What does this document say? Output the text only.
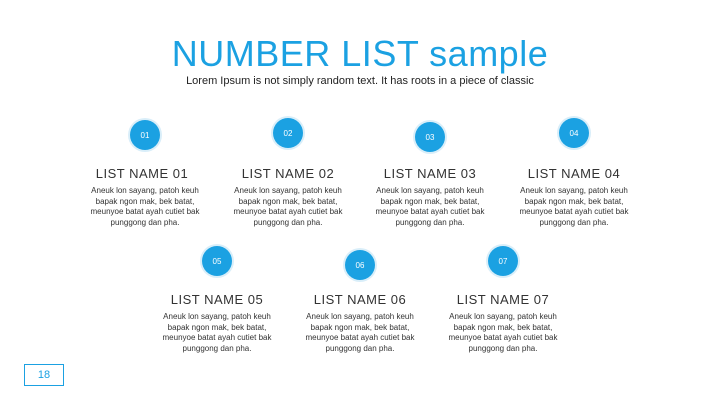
NUMBER LIST sample
Lorem Ipsum is not simply random text. It has roots in a piece of classic
01
LIST NAME 01
Aneuk lon sayang, patoh keuh bapak ngon mak, bek batat, meunyoe batat ayah cutiet bak punggong dan pha.
02
LIST NAME 02
Aneuk lon sayang, patoh keuh bapak ngon mak, bek batat, meunyoe batat ayah cutiet bak punggong dan pha.
03
LIST NAME 03
Aneuk lon sayang, patoh keuh bapak ngon mak, bek batat, meunyoe batat ayah cutiet bak punggong dan pha.
04
LIST NAME 04
Aneuk lon sayang, patoh keuh bapak ngon mak, bek batat, meunyoe batat ayah cutiet bak punggong dan pha.
05
LIST NAME 05
Aneuk lon sayang, patoh keuh bapak ngon mak, bek batat, meunyoe batat ayah cutiet bak punggong dan pha.
06
LIST NAME 06
Aneuk lon sayang, patoh keuh bapak ngon mak, bek batat, meunyoe batat ayah cutiet bak punggong dan pha.
07
LIST NAME 07
Aneuk lon sayang, patoh keuh bapak ngon mak, bek batat, meunyoe batat ayah cutiet bak punggong dan pha.
18
